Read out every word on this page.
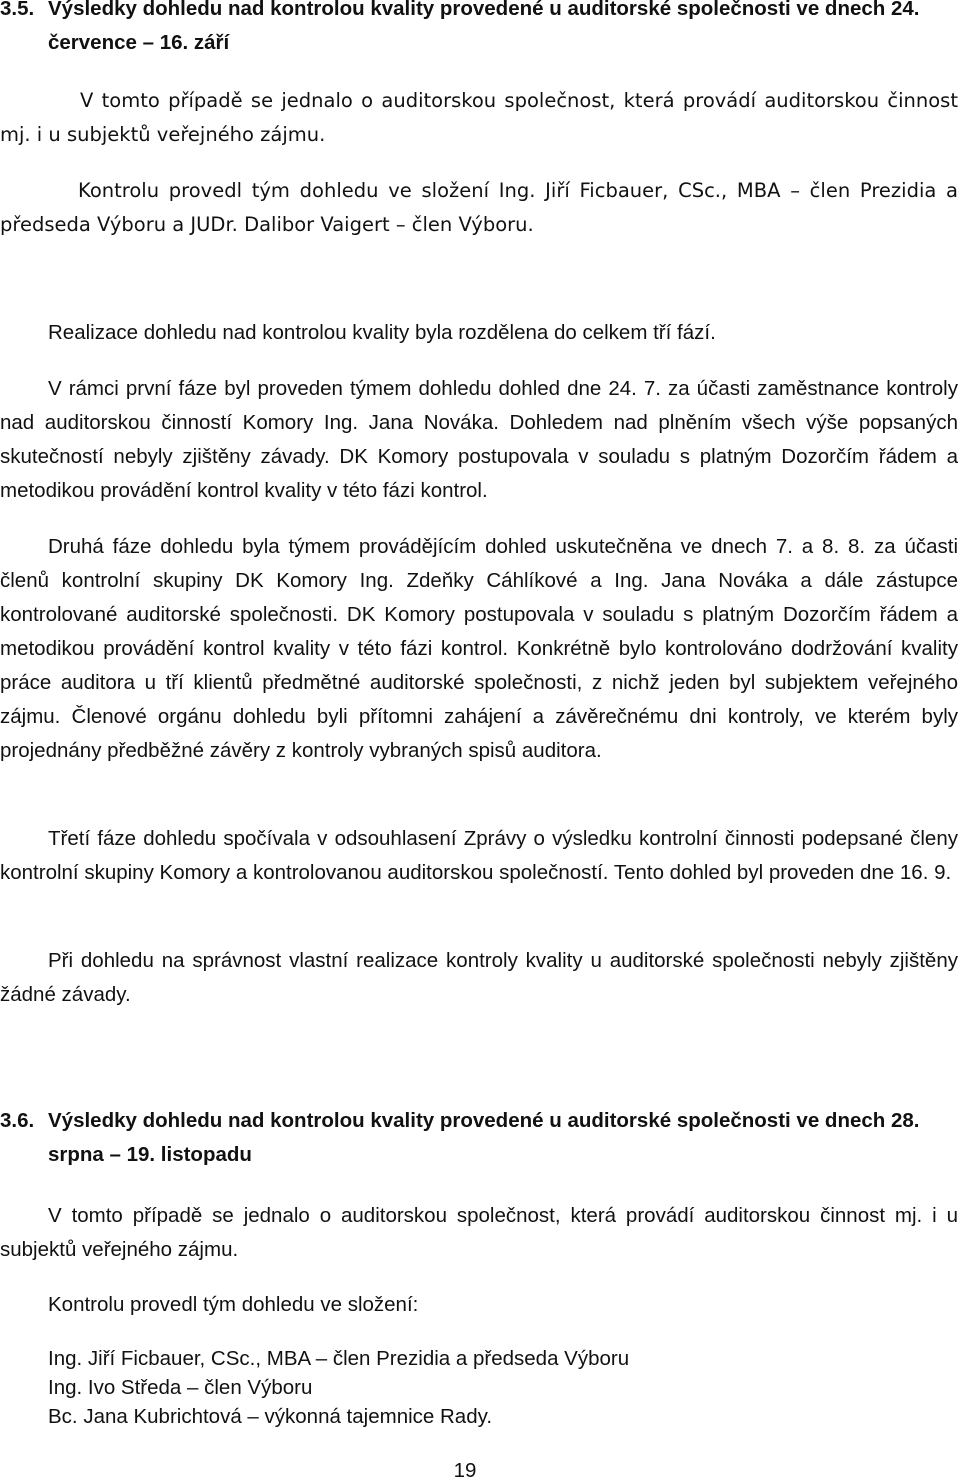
3.5. Výsledky dohledu nad kontrolou kvality provedené u auditorské společnosti ve dnech 24. července – 16. září

V tomto případě se jednalo o auditorskou společnost, která provádí auditorskou činnost mj. i u subjektů veřejného zájmu.

Kontrolu provedl tým dohledu ve složení Ing. Jiří Ficbauer, CSc., MBA – člen Prezidia a předseda Výboru a JUDr. Dalibor Vaigert – člen Výboru.

Realizace dohledu nad kontrolou kvality byla rozdělena do celkem tří fází.

V rámci první fáze byl proveden týmem dohledu dohled dne 24. 7. za účasti zaměstnance kontroly nad auditorskou činností Komory Ing. Jana Nováka. Dohledem nad plněním všech výše popsaných skutečností nebyly zjištěny závady. DK Komory postupovala v souladu s platným Dozorčím řádem a metodikou provádění kontrol kvality v této fázi kontrol.

Druhá fáze dohledu byla týmem provádějícím dohled uskutečněna ve dnech 7. a 8. 8. za účasti členů kontrolní skupiny DK Komory Ing. Zdeňky Cáhlíkové a Ing. Jana Nováka a dále zástupce kontrolované auditorské společnosti. DK Komory postupovala v souladu s platným Dozorčím řádem a metodikou provádění kontrol kvality v této fázi kontrol. Konkrétně bylo kontrolováno dodržování kvality práce auditora u tří klientů předmětné auditorské společnosti, z nichž jeden byl subjektem veřejného zájmu. Členové orgánu dohledu byli přítomni zahájení a závěrečnému dni kontroly, ve kterém byly projednány předběžné závěry z kontroly vybraných spisů auditora.

Třetí fáze dohledu spočívala v odsouhlasení Zprávy o výsledku kontrolní činnosti podepsané členy kontrolní skupiny Komory a kontrolovanou auditorskou společností. Tento dohled byl proveden dne 16. 9.

Při dohledu na správnost vlastní realizace kontroly kvality u auditorské společnosti nebyly zjištěny žádné závady.

3.6. Výsledky dohledu nad kontrolou kvality provedené u auditorské společnosti ve dnech 28. srpna – 19. listopadu

V tomto případě se jednalo o auditorskou společnost, která provádí auditorskou činnost mj. i u subjektů veřejného zájmu.

Kontrolu provedl tým dohledu ve složení:

Ing. Jiří Ficbauer, CSc., MBA – člen Prezidia a předseda Výboru
Ing. Ivo Středa – člen Výboru
Bc. Jana Kubrichtová – výkonná tajemnice Rady.
19
